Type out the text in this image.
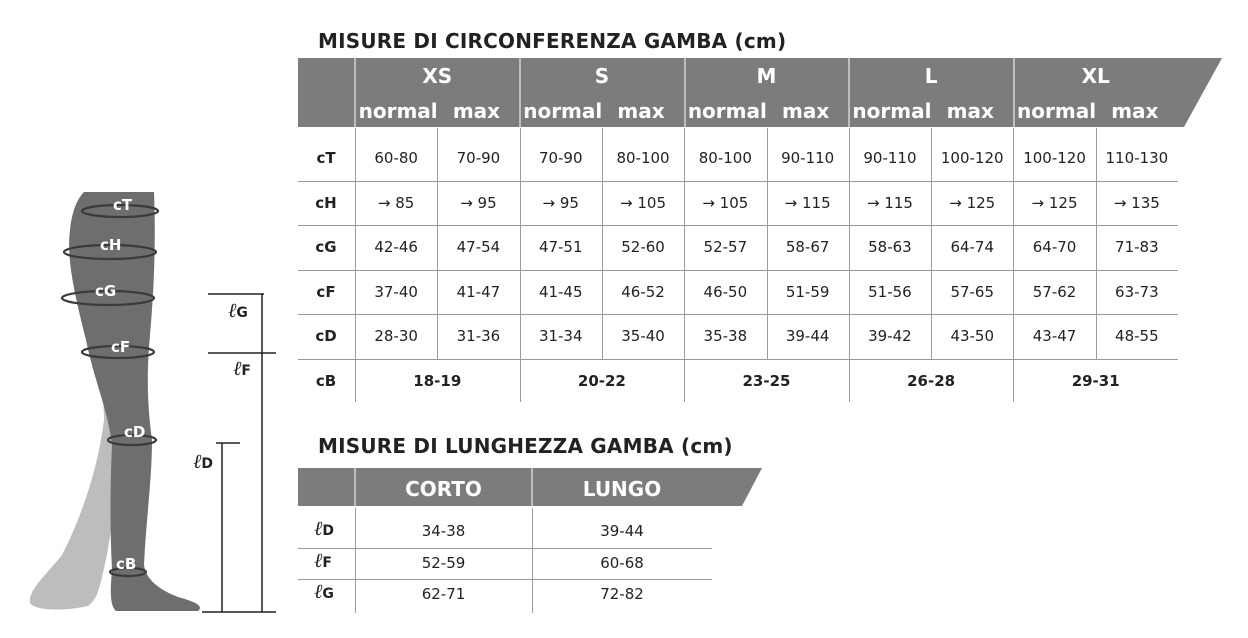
cT
cH
cG
cF
cD
cB
ℓG
ℓF
ℓD
MISURE DI CIRCONFERENZA GAMBA (cm)
XS
normal max
S
normal max
M
normal max
L
normal max
XL
normal max
cT	60-80	70-90	70-90	80-100	80-100	90-110	90-110	100-120	100-120	110-130
cH	→ 85	→ 95	→ 95	→ 105	→ 105	→ 115	→ 115	→ 125	→ 125	→ 135
cG	42-46	47-54	47-51	52-60	52-57	58-67	58-63	64-74	64-70	71-83
cF	37-40	41-47	41-45	46-52	46-50	51-59	51-56	57-65	57-62	63-73
cD	28-30	31-36	31-34	35-40	35-38	39-44	39-42	43-50	43-47	48-55
cB	18-19	20-22	23-25	26-28	29-31
MISURE DI LUNGHEZZA GAMBA (cm)
CORTO	LUNGO
ℓD	34-38	39-44
ℓF	52-59	60-68
ℓG	62-71	72-82
